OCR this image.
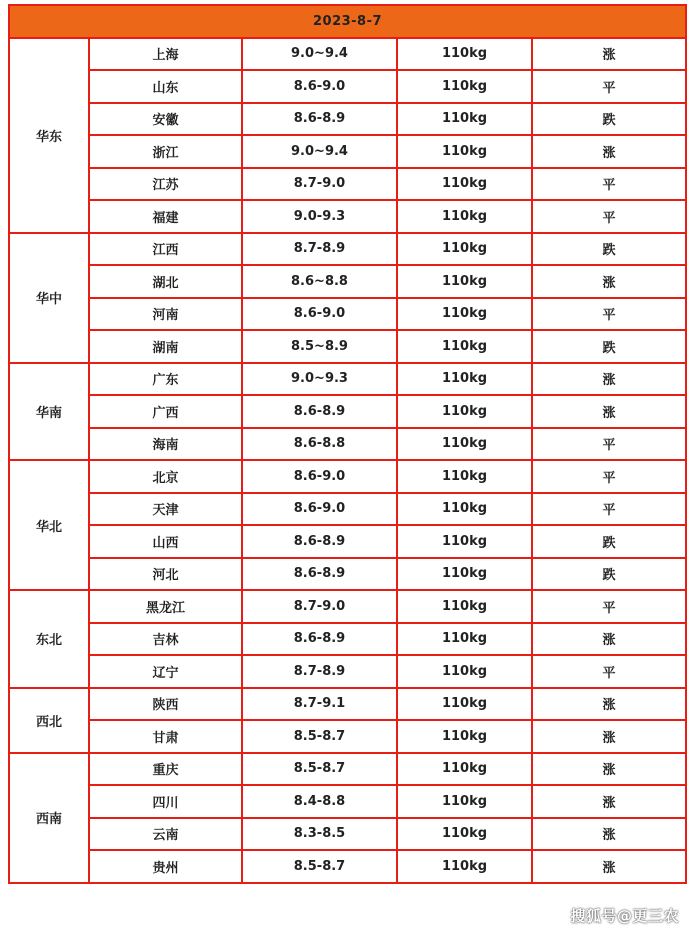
2023-8-7				
华东	上海	9.0~9.4	110kg	涨
	山东	8.6-9.0	110kg	平
	安徽	8.6-8.9	110kg	跌
	浙江	9.0~9.4	110kg	涨
	江苏	8.7-9.0	110kg	平
	福建	9.0-9.3	110kg	平
华中	江西	8.7-8.9	110kg	跌
	湖北	8.6~8.8	110kg	涨
	河南	8.6-9.0	110kg	平
	湖南	8.5~8.9	110kg	跌
华南	广东	9.0~9.3	110kg	涨
	广西	8.6-8.9	110kg	涨
	海南	8.6-8.8	110kg	平
华北	北京	8.6-9.0	110kg	平
	天津	8.6-9.0	110kg	平
	山西	8.6-8.9	110kg	跌
	河北	8.6-8.9	110kg	跌
东北	黑龙江	8.7-9.0	110kg	平
	吉林	8.6-8.9	110kg	涨
	辽宁	8.7-8.9	110kg	平
西北	陕西	8.7-9.1	110kg	涨
	甘肃	8.5-8.7	110kg	涨
西南	重庆	8.5-8.7	110kg	涨
	四川	8.4-8.8	110kg	涨
	云南	8.3-8.5	110kg	涨
	贵州	8.5-8.7	110kg	涨
搜狐号@更三农
